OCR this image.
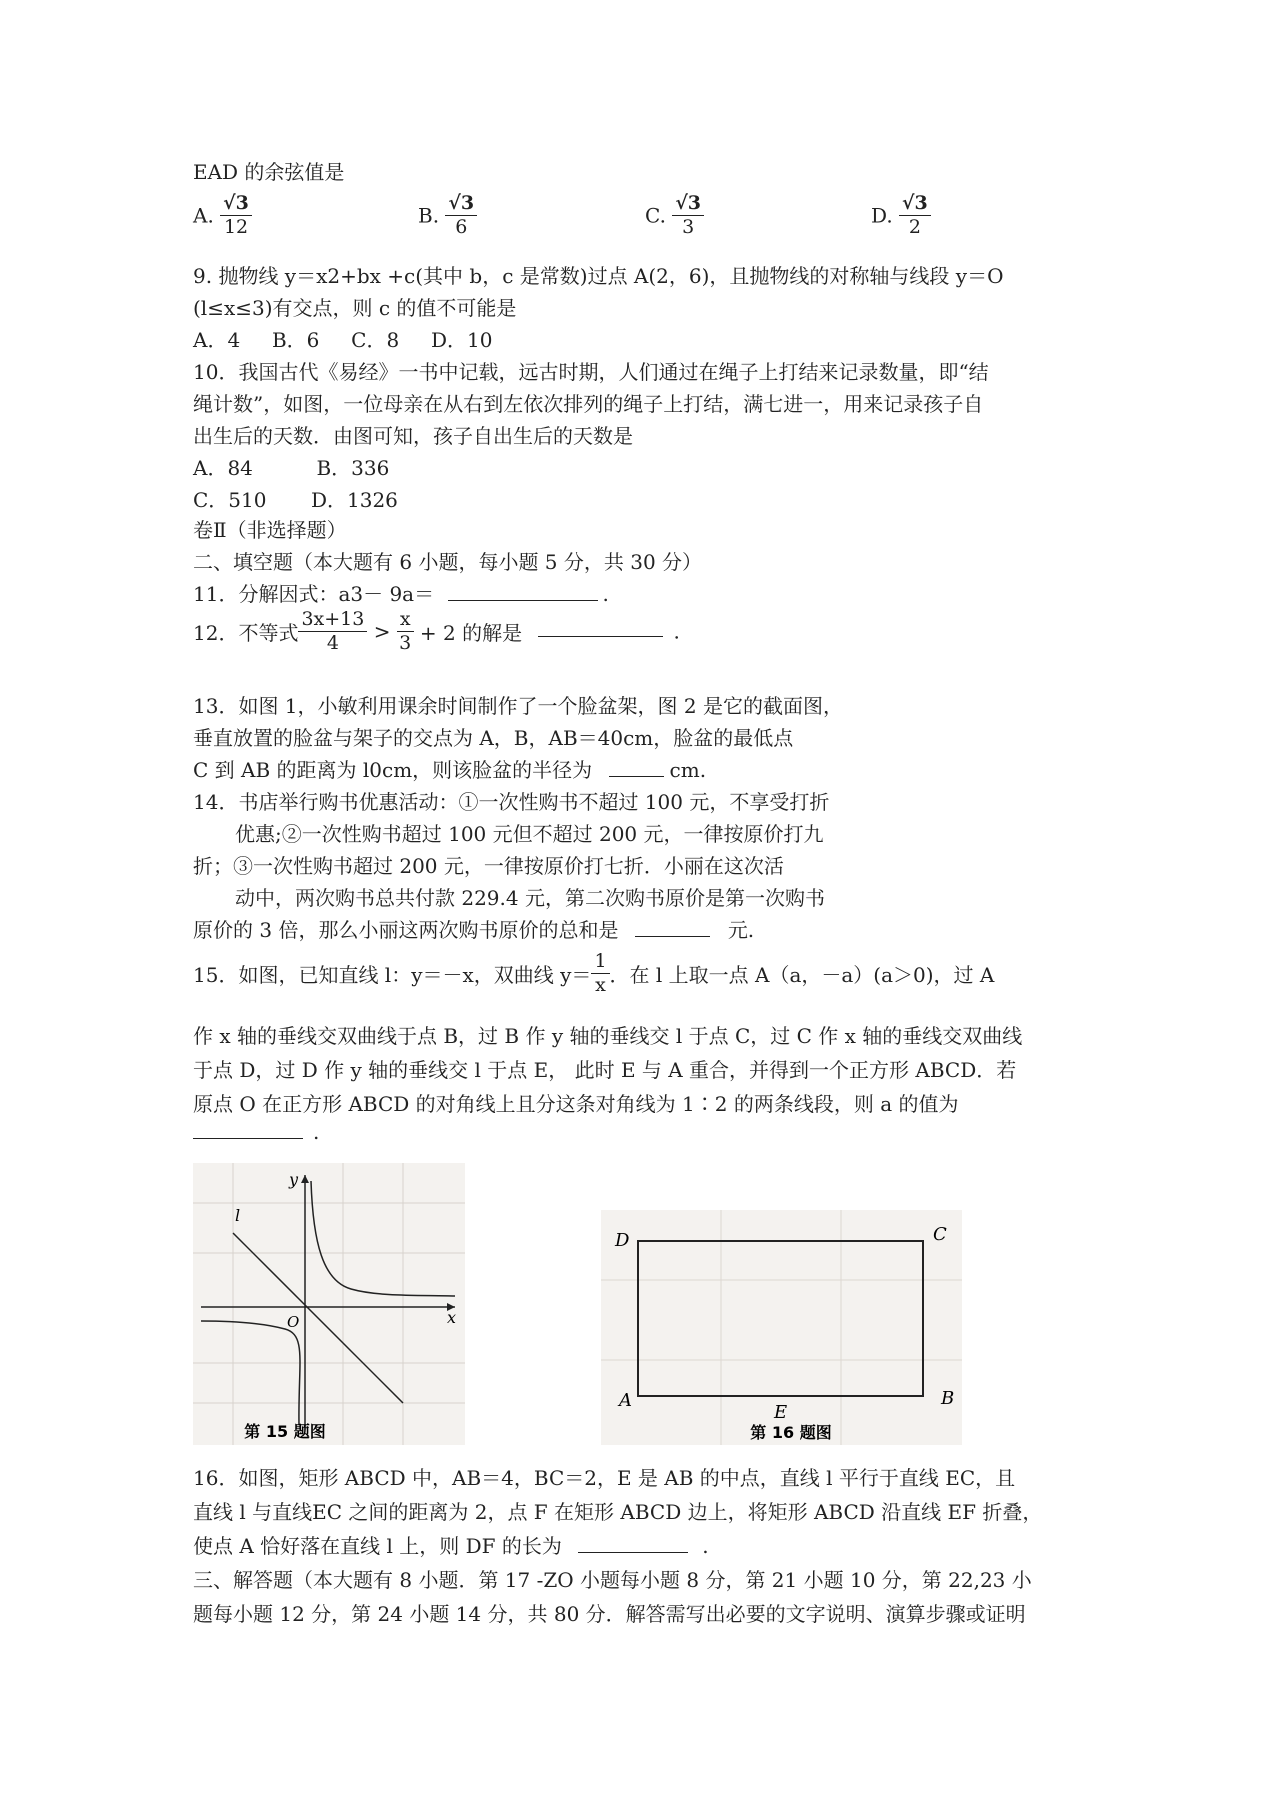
EAD 的余弦值是
A. $\frac{√3}{12}$	B. $\frac{√3}{6}$	C. $\frac{√3}{3}$	D. $\frac{√3}{2}$
9. 抛物线 y＝x2+bx +c(其中 b，c 是常数)过点 A(2，6)，且抛物线的对称轴与线段 y＝O
(l≤x≤3)有交点，则 c 的值不可能是
A．4     B．6     C．8     D．10
10．我国古代《易经》一书中记载，远古时期，人们通过在绳子上打结来记录数量，即“结
绳计数”，如图，一位母亲在从右到左依次排列的绳子上打结，满七进一，用来记录孩子自
出生后的天数．由图可知，孩子自出生后的天数是
A．84          B．336
C．510       D．1326
卷Ⅱ（非选择题）
二、填空题（本大题有 6 小题，每小题 5 分，共 30 分）
11．分解因式：a3－ 9a＝	.
12．不等式 $\frac{3x+13}{4} > \frac{x}{3} + 2$ 的解是	.
13．如图 1，小敏利用课余时间制作了一个脸盆架，图 2 是它的截面图，
垂直放置的脸盆与架子的交点为 A，B，AB＝40cm，脸盆的最低点
C 到 AB 的距离为 l0cm，则该脸盆的半径为	cm.
14．书店举行购书优惠活动：①一次性购书不超过 100 元，不享受打折
优惠;②一次性购书超过 100 元但不超过 200 元，一律按原价打九
折；③一次性购书超过 200 元，一律按原价打七折．小丽在这次活
动中，两次购书总共付款 229.4 元，第二次购书原价是第一次购书
原价的 3 倍，那么小丽这两次购书原价的总和是	元.
15．如图，已知直线 l：y＝－x，双曲线 $y= \frac{1}{x}$ ．在 l 上取一点 A（a，－a）(a＞0)，过 A
作 x 轴的垂线交双曲线于点 B，过 B 作 y 轴的垂线交 l 于点 C，过 C 作 x 轴的垂线交双曲线
于点 D，过 D 作 y 轴的垂线交 l 于点 E， 此时 E 与 A 重合，并得到一个正方形 ABCD．若
原点 O 在正方形 ABCD 的对角线上且分这条对角线为 1∶2 的两条线段，则 a 的值为
.
y
x
O
l
第 15 题图
D	C
A	B
E
第 16 题图
16．如图，矩形 ABCD 中，AB＝4，BC＝2，E 是 AB 的中点，直线 l 平行于直线 EC，且
直线 l 与直线EC 之间的距离为 2，点 F 在矩形 ABCD 边上，将矩形 ABCD 沿直线 EF 折叠，
使点 A 恰好落在直线 l 上，则 DF 的长为	.
三、解答题（本大题有 8 小题．第 17 -ZO 小题每小题 8 分，第 21 小题 10 分，第 22,23 小
题每小题 12 分，第 24 小题 14 分，共 80 分．解答需写出必要的文字说明、演算步骤或证明
